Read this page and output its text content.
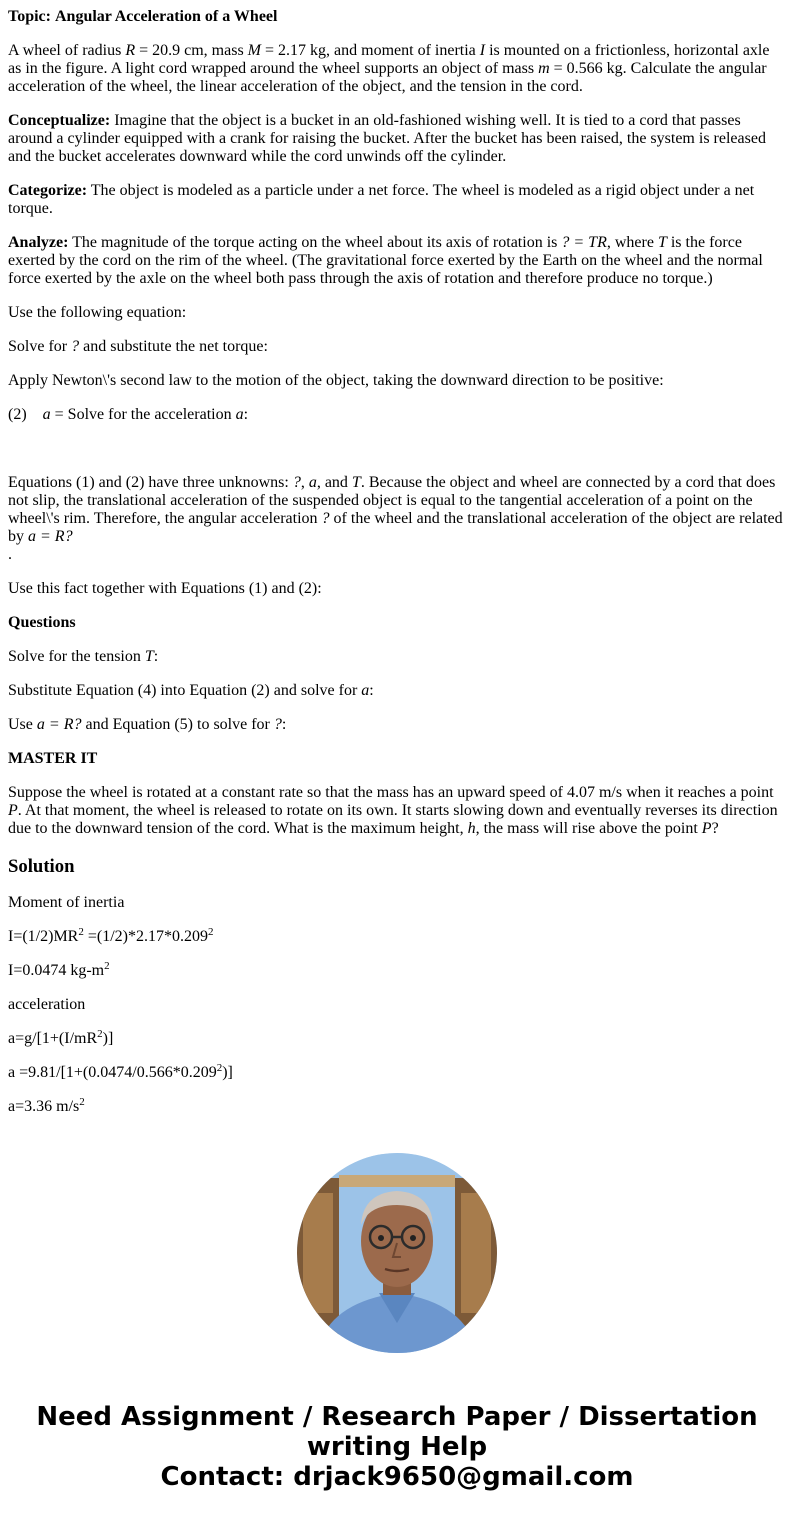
Topic: Angular Acceleration of a Wheel

A wheel of radius R = 20.9 cm, mass M = 2.17 kg, and moment of inertia I is mounted on a frictionless, horizontal axle as in the figure. A light cord wrapped around the wheel supports an object of mass m = 0.566 kg. Calculate the angular acceleration of the wheel, the linear acceleration of the object, and the tension in the cord.

Conceptualize: Imagine that the object is a bucket in an old-fashioned wishing well. It is tied to a cord that passes around a cylinder equipped with a crank for raising the bucket. After the bucket has been raised, the system is released and the bucket accelerates downward while the cord unwinds off the cylinder.

Categorize: The object is modeled as a particle under a net force. The wheel is modeled as a rigid object under a net torque.

Analyze: The magnitude of the torque acting on the wheel about its axis of rotation is ? = TR, where T is the force exerted by the cord on the rim of the wheel. (The gravitational force exerted by the Earth on the wheel and the normal force exerted by the axle on the wheel both pass through the axis of rotation and therefore produce no torque.)

Use the following equation:

Solve for ? and substitute the net torque:

Apply Newton\'s second law to the motion of the object, taking the downward direction to be positive:

(2)    a = Solve for the acceleration a:

Equations (1) and (2) have three unknowns: ?, a, and T. Because the object and wheel are connected by a cord that does not slip, the translational acceleration of the suspended object is equal to the tangential acceleration of a point on the wheel\'s rim. Therefore, the angular acceleration ? of the wheel and the translational acceleration of the object are related by a = R?

.

Use this fact together with Equations (1) and (2):

Questions

Solve for the tension T:

Substitute Equation (4) into Equation (2) and solve for a:

Use a = R? and Equation (5) to solve for ?:

MASTER IT

Suppose the wheel is rotated at a constant rate so that the mass has an upward speed of 4.07 m/s when it reaches a point P. At that moment, the wheel is released to rotate on its own. It starts slowing down and eventually reverses its direction due to the downward tension of the cord. What is the maximum height, h, the mass will rise above the point P?

Solution

Moment of inertia

$I=(1/2)MR^2 =(1/2)*2.17*0.209^2$

I=0.0474 $kg-m^2$

acceleration

$a=g/[1+(I/mR^2)]$

$a =9.81/[1+(0.0474/0.566*0.209^2)]$

a=3.36 $m/s^2$

Need Assignment / Research Paper / Dissertation
writing Help
Contact: drjack9650@gmail.com
